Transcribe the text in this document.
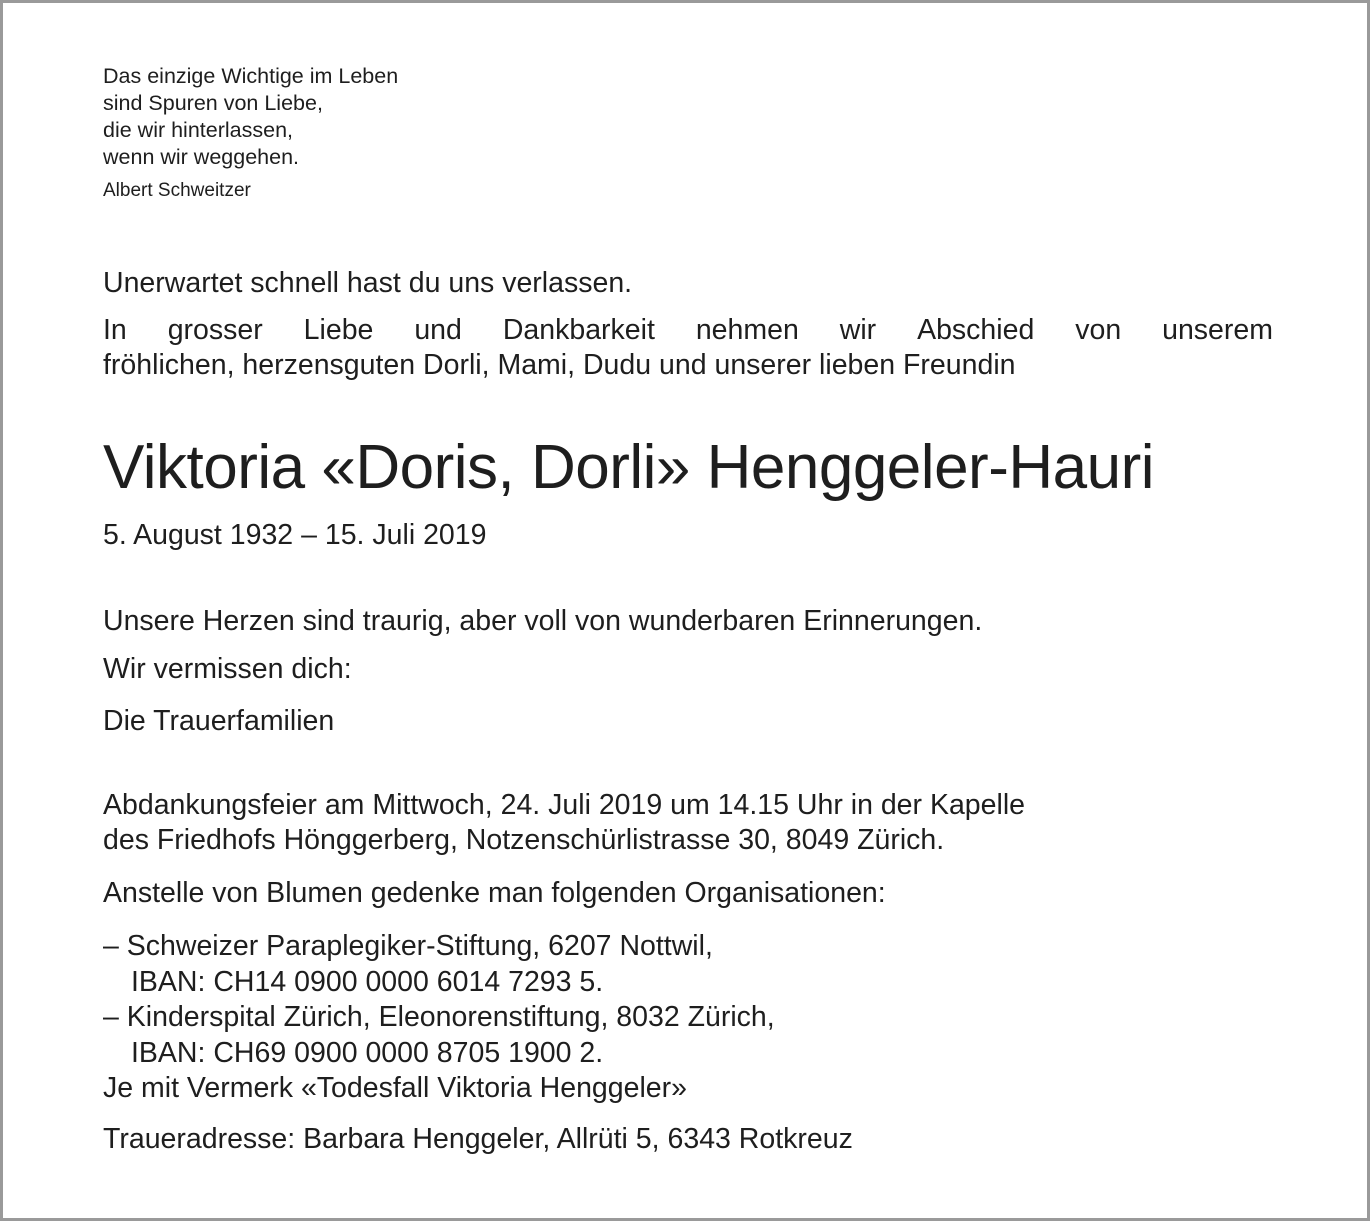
Das einzige Wichtige im Leben
sind Spuren von Liebe,
die wir hinterlassen,
wenn wir weggehen.
Albert Schweitzer

Unerwartet schnell hast du uns verlassen.

In grosser Liebe und Dankbarkeit nehmen wir Abschied von unserem
fröhlichen, herzensguten Dorli, Mami, Dudu und unserer lieben Freundin
Viktoria «Doris, Dorli» Henggeler-Hauri

5. August 1932 – 15. Juli 2019

Unsere Herzen sind traurig, aber voll von wunderbaren Erinnerungen.

Wir vermissen dich:

Die Trauerfamilien

Abdankungsfeier am Mittwoch, 24. Juli 2019 um 14.15 Uhr in der Kapelle
des Friedhofs Hönggerberg, Notzenschürlistrasse 30, 8049 Zürich.

Anstelle von Blumen gedenke man folgenden Organisationen:

– Schweizer Paraplegiker-Stiftung, 6207 Nottwil,
IBAN: CH14 0900 0000 6014 7293 5.
– Kinderspital Zürich, Eleonorenstiftung, 8032 Zürich,
IBAN: CH69 0900 0000 8705 1900 2.
Je mit Vermerk «Todesfall Viktoria Henggeler»

Traueradresse: Barbara Henggeler, Allrüti 5, 6343 Rotkreuz
